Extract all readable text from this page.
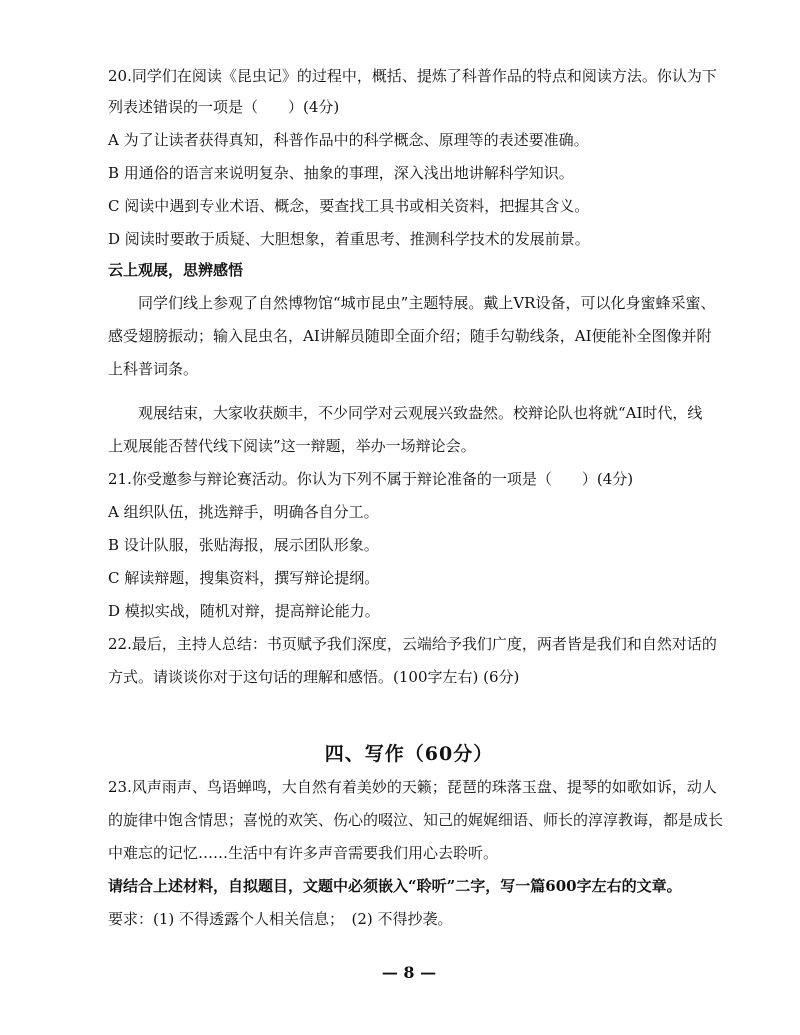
20.同学们在阅读《昆虫记》的过程中，概括、提炼了科普作品的特点和阅读方法。你认为下

列表述错误的一项是（　　）(4分)

A 为了让读者获得真知，科普作品中的科学概念、原理等的表述要准确。

B 用通俗的语言来说明复杂、抽象的事理，深入浅出地讲解科学知识。

C 阅读中遇到专业术语、概念，要查找工具书或相关资料，把握其含义。

D 阅读时要敢于质疑、大胆想象，着重思考、推测科学技术的发展前景。

云上观展，思辨感悟

同学们线上参观了自然博物馆“城市昆虫”主题特展。戴上VR设备，可以化身蜜蜂采蜜、

感受翅膀振动；输入昆虫名，AI讲解员随即全面介绍；随手勾勒线条，AI便能补全图像并附

上科普词条。

观展结束，大家收获颇丰，不少同学对云观展兴致盎然。校辩论队也将就“AI时代，线

上观展能否替代线下阅读”这一辩题，举办一场辩论会。

21.你受邀参与辩论赛活动。你认为下列不属于辩论准备的一项是（　　）(4分)

A 组织队伍，挑选辩手，明确各自分工。

B 设计队服，张贴海报，展示团队形象。

C 解读辩题，搜集资料，撰写辩论提纲。

D 模拟实战，随机对辩，提高辩论能力。

22.最后，主持人总结：书页赋予我们深度，云端给予我们广度，两者皆是我们和自然对话的

方式。请谈谈你对于这句话的理解和感悟。(100字左右) (6分)

四、写作（60分）

23.风声雨声、鸟语蝉鸣，大自然有着美妙的天籁；琵琶的珠落玉盘、提琴的如歌如诉，动人

的旋律中饱含情思；喜悦的欢笑、伤心的啜泣、知己的娓娓细语、师长的淳淳教诲，都是成长

中难忘的记忆……生活中有许多声音需要我们用心去聆听。

请结合上述材料，自拟题目，文题中必须嵌入“聆听”二字，写一篇600字左右的文章。

要求：(1) 不得透露个人相关信息；　(2) 不得抄袭。

— 8 —
